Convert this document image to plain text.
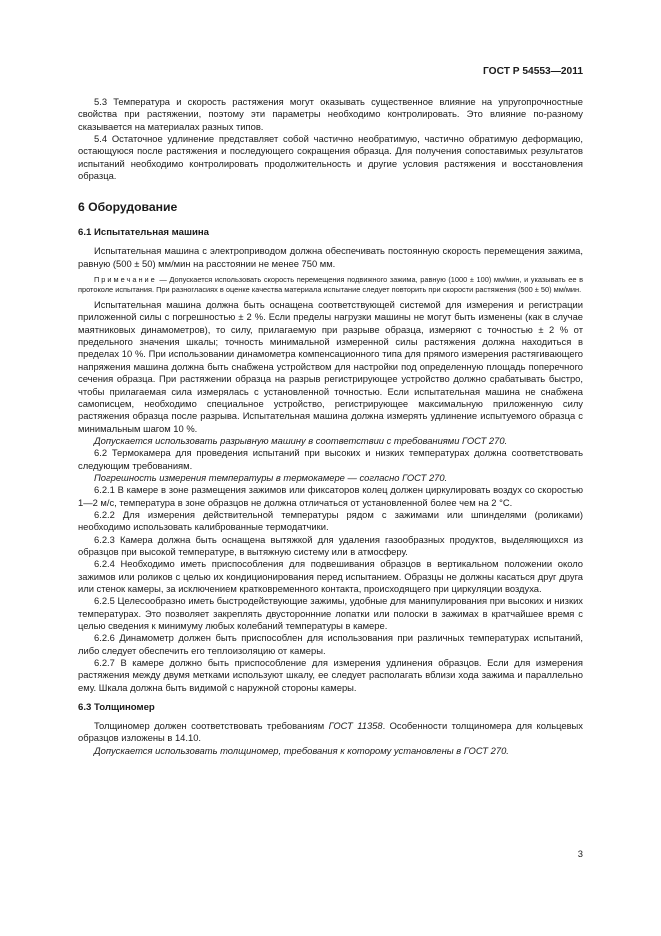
ГОСТ Р 54553—2011

5.3 Температура и скорость растяжения могут оказывать существенное влияние на упругопрочностные свойства при растяжении, поэтому эти параметры необходимо контролировать. Это влияние по-разному сказывается на материалах разных типов.

5.4 Остаточное удлинение представляет собой частично необратимую, частично обратимую деформацию, остающуюся после растяжения и последующего сокращения образца. Для получения сопоставимых результатов испытаний необходимо контролировать продолжительность и другие условия растяжения и восстановления образца.

6 Оборудование
6.1 Испытательная машина

Испытательная машина с электроприводом должна обеспечивать постоянную скорость перемещения зажима, равную (500 ± 50) мм/мин на расстоянии не менее 750 мм.

Примечание — Допускается использовать скорость перемещения подвижного зажима, равную (1000 ± 100) мм/мин, и указывать ее в протоколе испытания. При разногласиях в оценке качества материала испытание следует повторить при скорости растяжения (500 ± 50) мм/мин.

Испытательная машина должна быть оснащена соответствующей системой для измерения и регистрации приложенной силы с погрешностью ± 2 %. Если пределы нагрузки машины не могут быть изменены (как в случае маятниковых динамометров), то силу, прилагаемую при разрыве образца, измеряют с точностью ± 2 % от предельного значения шкалы; точность минимальной измеренной силы растяжения должна находиться в пределах 10 %. При использовании динамометра компенсационного типа для прямого измерения растягивающего напряжения машина должна быть снабжена устройством для настройки под определенную площадь поперечного сечения образца. При растяжении образца на разрыв регистрирующее устройство должно срабатывать быстро, чтобы прилагаемая сила измерялась с установленной точностью. Если испытательная машина не снабжена самописцем, необходимо специальное устройство, регистрирующее максимальную приложенную силу растяжения образца после разрыва. Испытательная машина должна измерять удлинение испытуемого образца с минимальным шагом 10 %.

Допускается использовать разрывную машину в соответствии с требованиями ГОСТ 270.

6.2 Термокамера для проведения испытаний при высоких и низких температурах должна соответствовать следующим требованиям.

Погрешность измерения температуры в термокамере — согласно ГОСТ 270.

6.2.1 В камере в зоне размещения зажимов или фиксаторов колец должен циркулировать воздух со скоростью 1—2 м/с, температура в зоне образцов не должна отличаться от установленной более чем на 2 °С.

6.2.2 Для измерения действительной температуры рядом с зажимами или шпинделями (роликами) необходимо использовать калиброванные термодатчики.

6.2.3 Камера должна быть оснащена вытяжкой для удаления газообразных продуктов, выделяющихся из образцов при высокой температуре, в вытяжную систему или в атмосферу.

6.2.4 Необходимо иметь приспособления для подвешивания образцов в вертикальном положении около зажимов или роликов с целью их кондиционирования перед испытанием. Образцы не должны касаться друг друга или стенок камеры, за исключением кратковременного контакта, происходящего при циркуляции воздуха.

6.2.5 Целесообразно иметь быстродействующие зажимы, удобные для манипулирования при высоких и низких температурах. Это позволяет закреплять двустороннние лопатки или полоски в зажимах в кратчайшее время с целью сведения к минимуму любых колебаний температуры в камере.

6.2.6 Динамометр должен быть приспособлен для использования при различных температурах испытаний, либо следует обеспечить его теплоизоляцию от камеры.

6.2.7 В камере должно быть приспособление для измерения удлинения образцов. Если для измерения растяжения между двумя метками используют шкалу, ее следует располагать вблизи хода зажима и параллельно ему. Шкала должна быть видимой с наружной стороны камеры.

6.3 Толщиномер

Толщиномер должен соответствовать требованиям ГОСТ 11358. Особенности толщиномера для кольцевых образцов изложены в 14.10.

Допускается использовать толщиномер, требования к которому установлены в ГОСТ 270.

3
